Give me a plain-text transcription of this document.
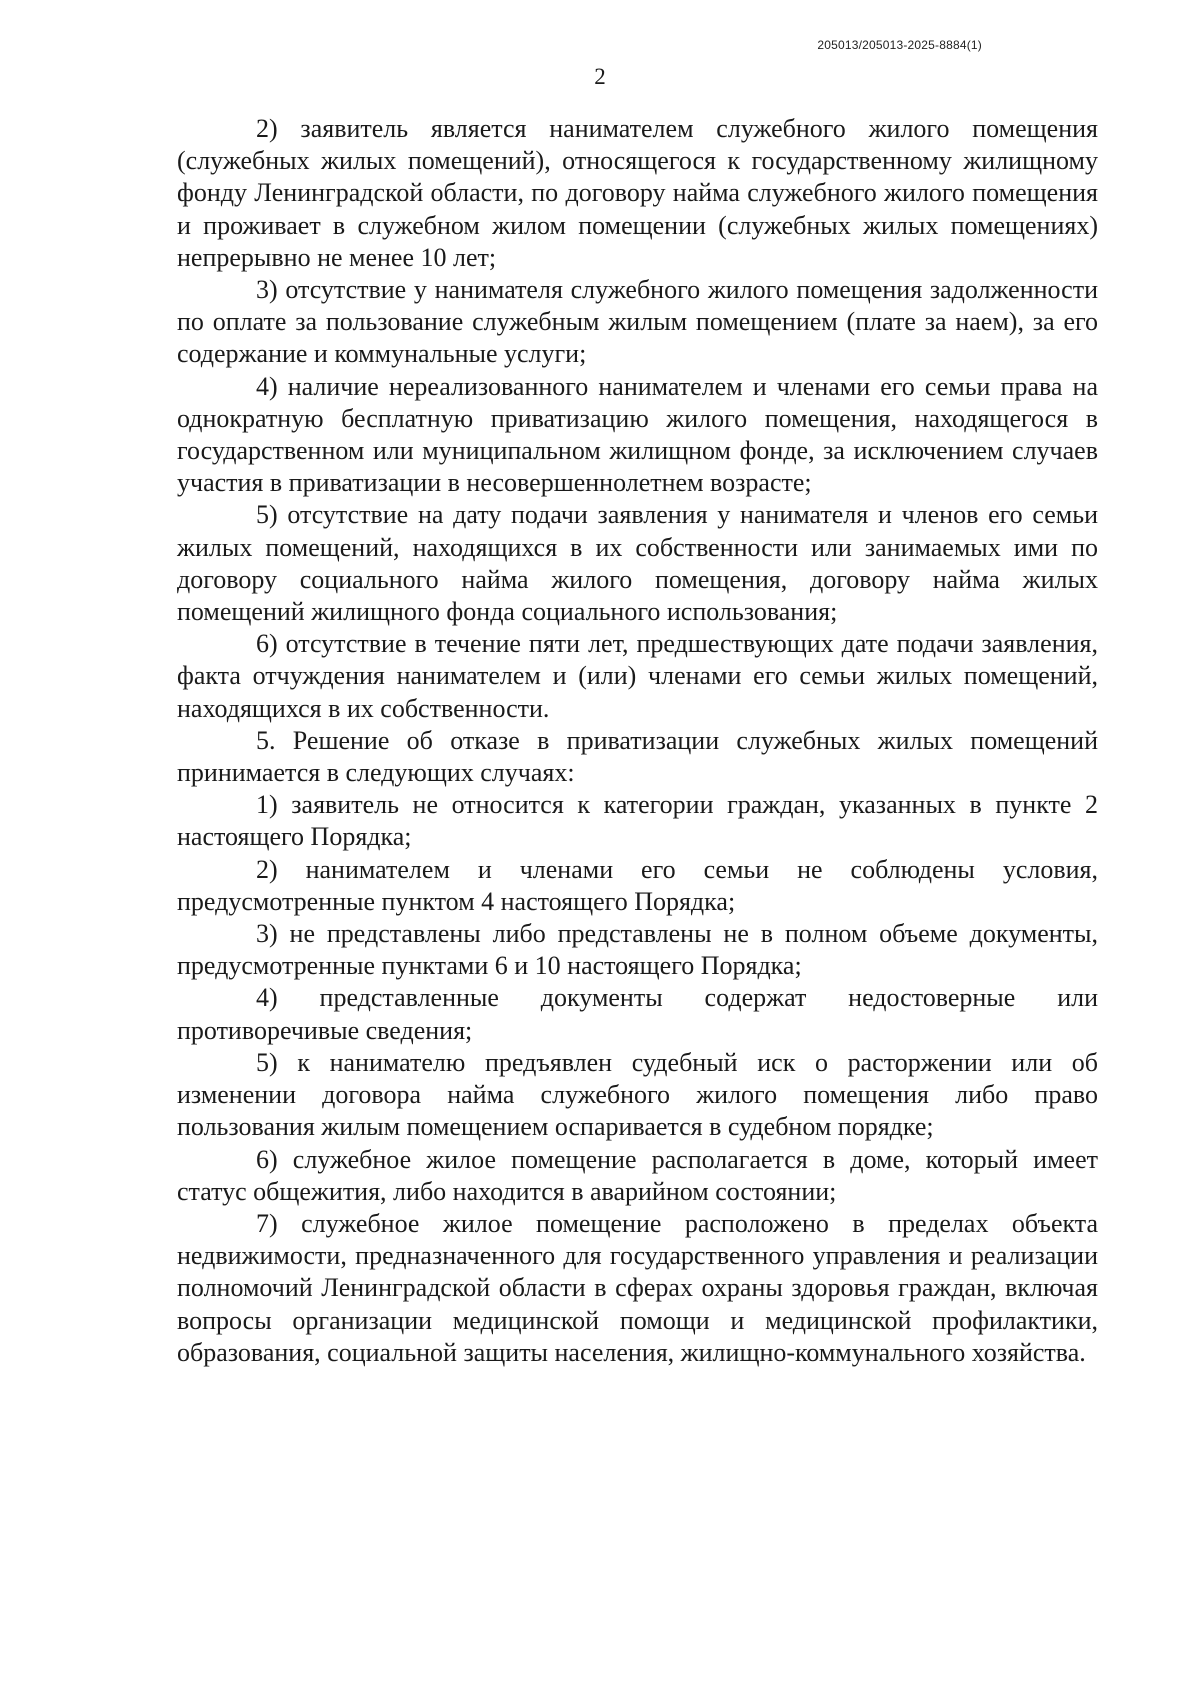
205013/205013-2025-8884(1)
2

2) заявитель является нанимателем служебного жилого помещения (служебных жилых помещений), относящегося к государственному жилищному фонду Ленинградской области, по договору найма служебного жилого помещения и проживает в служебном жилом помещении (служебных жилых помещениях) непрерывно не менее 10 лет;

3) отсутствие у нанимателя служебного жилого помещения задолженности по оплате за пользование служебным жилым помещением (плате за наем), за его содержание и коммунальные услуги;

4) наличие нереализованного нанимателем и членами его семьи права на однократную бесплатную приватизацию жилого помещения, находящегося в государственном или муниципальном жилищном фонде, за исключением случаев участия в приватизации в несовершеннолетнем возрасте;

5) отсутствие на дату подачи заявления у нанимателя и членов его семьи жилых помещений, находящихся в их собственности или занимаемых ими по договору социального найма жилого помещения, договору найма жилых помещений жилищного фонда социального использования;

6) отсутствие в течение пяти лет, предшествующих дате подачи заявления, факта отчуждения нанимателем и (или) членами его семьи жилых помещений, находящихся в их собственности.

5. Решение об отказе в приватизации служебных жилых помещений принимается в следующих случаях:

1) заявитель не относится к категории граждан, указанных в пункте 2 настоящего Порядка;

2) нанимателем и членами его семьи не соблюдены условия, предусмотренные пунктом 4 настоящего Порядка;

3) не представлены либо представлены не в полном объеме документы, предусмотренные пунктами 6 и 10 настоящего Порядка;

4) представленные документы содержат недостоверные или противоречивые сведения;

5) к нанимателю предъявлен судебный иск о расторжении или об изменении договора найма служебного жилого помещения либо право пользования жилым помещением оспаривается в судебном порядке;

6) служебное жилое помещение располагается в доме, который имеет статус общежития, либо находится в аварийном состоянии;

7) служебное жилое помещение расположено в пределах объекта недвижимости, предназначенного для государственного управления и реализации полномочий Ленинградской области в сферах охраны здоровья граждан, включая вопросы организации медицинской помощи и медицинской профилактики, образования, социальной защиты населения, жилищно-коммунального хозяйства.
